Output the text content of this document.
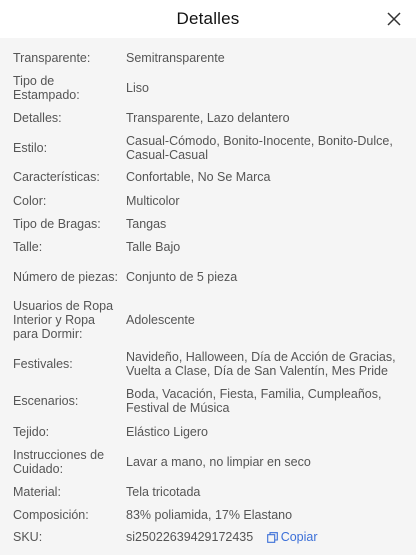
Detalles
Transparente:	Semitransparente
Tipo de Estampado:	Liso
Detalles:	Transparente, Lazo delantero
Estilo:	Casual-Cómodo, Bonito-Inocente, Bonito-Dulce, Casual-Casual
Características:	Confortable, No Se Marca
Color:	Multicolor
Tipo de Bragas:	Tangas
Talle:	Talle Bajo
Número de piezas: Conjunto de 5 pieza
Usuarios de Ropa Interior y Ropa para Dormir:
Adolescente
Festivales:	Navideño, Halloween, Día de Acción de Gracias, Vuelta a Clase, Día de San Valentín, Mes Pride
Escenarios:	Boda, Vacación, Fiesta, Familia, Cumpleaños, Festival de Música
Tejido:	Elástico Ligero
Instrucciones de Cuidado:	Lavar a mano, no limpiar en seco
Material:	Tela tricotada
Composición:	83% poliamida, 17% Elastano
SKU:	si25022639429172435 Copiar
